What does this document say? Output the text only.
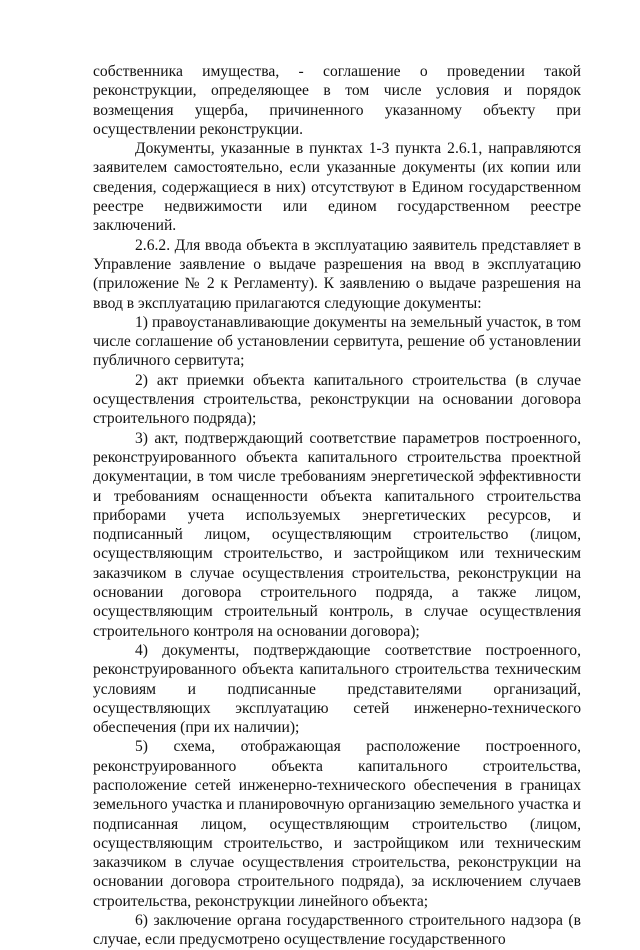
собственника имущества, - соглашение о проведении такой реконструкции, определяющее в том числе условия и порядок возмещения ущерба, причиненного указанному объекту при осуществлении реконструкции.

Документы, указанные в пунктах 1-3 пункта 2.6.1, направляются заявителем самостоятельно, если указанные документы (их копии или сведения, содержащиеся в них) отсутствуют в Едином государственном реестре недвижимости или едином государственном реестре заключений.

2.6.2. Для ввода объекта в эксплуатацию заявитель представляет в Управление заявление о выдаче разрешения на ввод в эксплуатацию (приложение № 2 к Регламенту). К заявлению о выдаче разрешения на ввод в эксплуатацию прилагаются следующие документы:

1) правоустанавливающие документы на земельный участок, в том числе соглашение об установлении сервитута, решение об установлении публичного сервитута;

2) акт приемки объекта капитального строительства (в случае осуществления строительства, реконструкции на основании договора строительного подряда);

3) акт, подтверждающий соответствие параметров построенного, реконструированного объекта капитального строительства проектной документации, в том числе требованиям энергетической эффективности и требованиям оснащенности объекта капитального строительства приборами учета используемых энергетических ресурсов, и подписанный лицом, осуществляющим строительство (лицом, осуществляющим строительство, и застройщиком или техническим заказчиком в случае осуществления строительства, реконструкции на основании договора строительного подряда, а также лицом, осуществляющим строительный контроль, в случае осуществления строительного контроля на основании договора);

4) документы, подтверждающие соответствие построенного, реконструированного объекта капитального строительства техническим условиям и подписанные представителями организаций, осуществляющих эксплуатацию сетей инженерно-технического обеспечения (при их наличии);

5) схема, отображающая расположение построенного, реконструированного объекта капитального строительства, расположение сетей инженерно-технического обеспечения в границах земельного участка и планировочную организацию земельного участка и подписанная лицом, осуществляющим строительство (лицом, осуществляющим строительство, и застройщиком или техническим заказчиком в случае осуществления строительства, реконструкции на основании договора строительного подряда), за исключением случаев строительства, реконструкции линейного объекта;

6) заключение органа государственного строительного надзора (в случае, если предусмотрено осуществление государственного
